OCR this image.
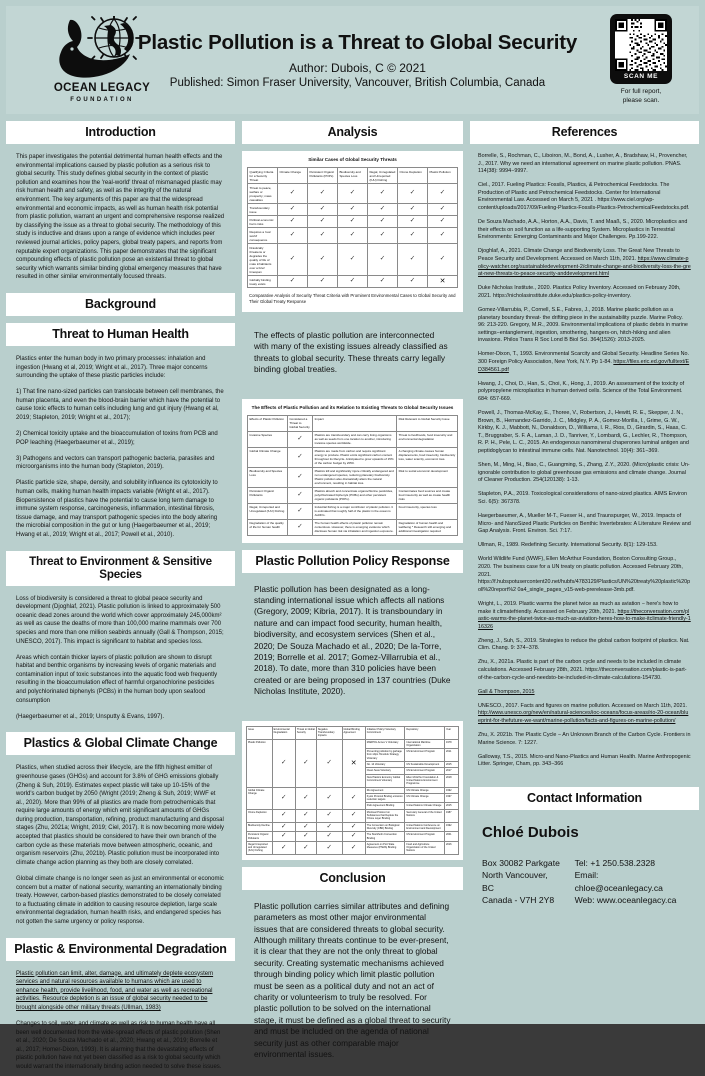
OCEAN LEGACY
FOUNDATION
Plastic Pollution is a Threat to Global Security
Author: Dubois, C © 2021
Published: Simon Fraser University, Vancouver, British Columbia, Canada
SCAN ME
For full report,
please scan.
Introduction

This paper investigates the potential detrimental human health effects and the environmental implications caused by plastic pollution as a serious risk to global security. This study defines global security in the context of plastic pollution and examines how the 'real-world' threat of mismanaged plastic may risk human health and safety, as well as the integrity of the natural environment. The key arguments of this paper are that the widespread environmental and economic impacts, as well as human health risk potential from plastic pollution, warrant an urgent and comprehensive response realized by classifying the issue as a threat to global security. The methodology of this study is inductive and draws upon a range of evidence which includes peer reviewed journal articles, policy papers, global treaty papers, and reports from reputable expert organizations. This paper demonstrates that the significant compounding effects of plastic pollution pose an existential threat to global security which warrants similar binding global emergency measures that have resulted in other similar environmentally focused threats.

Background
Threat to Human Health

Plastics enter the human body in two primary processes: inhalation and ingestion (Hwang et al, 2019; Wright et al., 2017). Three major concerns surrounding the uptake of these plastic particles include:

1) That fine nano-sized particles can translocate between cell membranes, the human placenta, and even the blood-brain barrier which have the potential to cause toxic effects to human cells including lung and gut injury (Hwang et al, 2019; Stapleton, 2019; Wright et al., 2017);

2) Chemical toxicity uptake and the bioaccumulation of toxins from PCB and POP leaching (Haegerbaeumer et al., 2019);

3) Pathogens and vectors can transport pathogenic bacteria, parasites and microorganisms into the human body (Stapleton, 2019).

Plastic particle size, shape, density, and solubility influence its cytotoxicity to human cells, making human health impacts variable (Wright et al., 2017). Biopersistence of plastics have the potential to cause long term damage to immune system response, carcinogenesis, inflammation, intestinal fibrosis, tissue damage, and may transport pathogenic species into the body altering the microbial composition in the gut or lung (Haegerbaeumer et al., 2019; Hwang et al., 2019; Wright et al., 2017; Powell et al., 2010).

Threat to Environment & Sensitive Species

Loss of biodiversity is considered a threat to global peace security and development (Djoghlaf, 2021). Plastic pollution is linked to approximately 500 oceanic dead zones around the world which cover approximately 245,000km² as well as cause the deaths of more than 100,000 marine mammals over 700 species and more than one million seabirds annually (Gall & Thompson, 2015; UNESCO, 2017). This impact is significant to habitat and species loss.

Areas which contain thicker layers of plastic pollution are shown to disrupt habitat and benthic organisms by increasing levels of organic materials and contamination input of toxic substances into the aquatic food web frequently resulting in the bioaccumulation effect of harmful organochlorine pesticides and polychlorinated biphenyls (PCBs) in the human body upon seafood consumption

(Haegerbaeumer et al., 2019; Unsputty & Evans, 1997).

Plastics & Global Climate Change

Plastics, when studied across their lifecycle, are the fifth highest emitter of greenhouse gases (GHGs) and account for 3.8% of GHG emissions globally (Zheng & Suh, 2019). Estimates expect plastic will take up 10-15% of the world's carbon budget by 2050 (Wright (2019; Zheng & Suh, 2019; WWF et al., 2020). More than 99% of all plastics are made from petrochemicals that require large amounts of energy which emit significant amounts of GHGs during production, transportation, refining, product manufacturing and disposal stages (Zhu, 2021a; Wright, 2019; Ciel, 2017). It is now becoming more widely accepted that plastics should be considered to have their own branch of the carbon cycle as these materials move between atmospheric, oceanic, and organism reservoirs (Zhu, 2021b). Plastic pollution must be incorporated into climate change action planning as they both are closely correlated.

Global climate change is no longer seen as just an environmental or economic concern but a matter of national security, warranting an internationally binding treaty. However, carbon-based plastics demonstrated to be closely correlated to a fluctuating climate in addition to causing resource depletion, large scale environmental degradation, human health risks, and endangered species has not gotten the same urgency or policy response.

Plastic & Environmental Degradation

Plastic pollution can limit, alter, damage, and ultimately deplete ecosystem services and natural resources available to humans which are used to enhance health, provide livelihood, food, and water as well as recreational activities. Resource depletion is an issue of global security needed to be brought alongside other military threats (Ullman, 1983)

Changes to soil, water, and climate as well as risk to human health have all been well documented from the wide-spread effects of plastic pollution (Shen et al., 2020; De Souza Machado et al., 2020; Hwang et al., 2019; Borrelle et al., 2017; Homer-Dixon, 1993). It is alarming that the devastating effects of plastic pollution have not yet been classified as a risk to global security which would warrant the internationally binding action needed to solve these issues.

Analysis
Similar Cases of Global Security Threats
Qualifying Criteria for a Security Threat	Climate Change	Persistent Organic Pollutants (POPs)	Biodiversity and Species Loss	Illegal, Unregulated and Unreported (IUU) Fishing	Ozone Depletion	Plastic Pollution
Threat to peace, welfare or prosperity; mass casualties	✓	✓	✓	✓	✓	✓
Transboundary issue	✓	✓	✓	✓	✓	✓
Political economic harm risks	✓	✓	✓	✓	✓	✓
Requires a 'real world' consequence	✓	✓	✓	✓	✓	✓
Drastically threatens or degrades the quality of life of male inhabitants over a brief timespan	✓	✓	✓	✓	✓	✓
Globally binding treaty exists	✓	✓	✓	✓	✓	✕
Comparative Analysis of Security Threat Criteria with Prominent Environmental Cases to Global Security and Their Global Treaty Response

The effects of plastic pollution are interconnected with many of the existing issues already classified as threats to global security. These threats carry legally binding global treaties.

The Effects of Plastic Pollution and its Relation to Existing Threats to Global Security Issues
Effects of Plastic Pollution	Considered a Threat to Global Security	Impact	Risk Relevant to Global Security Issue
Invasive Species	✓	Plastics are transboundary and can carry living organisms as well as seeds from one location to another, introducing invasive species worldwide.	Threat to livelihoods, food insecurity and environmental degradation
Global Climate Change	✓	Plastics are made from carbon and require significant energy to produce. Plastic emits significant carbon content throughout its lifecycle. Anticipated to grow upwards of 15% of the carbon budget by 2050.	A changing climate causes human displacements, food insecurity, biodiversity loss, water scarcity, economic loss.
Biodiversity and Species Loss	✓	Plastics kill and significantly injure critically endangered and non endangered species, reducing planetary biodiversity. Plastic pollution also dramatically alters the natural environment, resulting in habitat loss.	Risk to social economic development
Persistent Organic Pollutants	✓	Plastics absorb and concentrate organochlorine pesticides, polychlorinated biphenyls (PCBs) and other persistent organic pollutants (POPs).	Contaminates food sources and create food insecurity as well as create health risks
Illegal, Unreported and Unregulated (IUU) Fishing	✓	Industrial fishing is a major contributor of plastic pollution. It is estimated that roughly half of the plastic in the ocean is ALDFG.	Food insecurity, species loss
Degradation of the quality of life for human health	✓	The human health effects of plastic pollution remain contentious. However, there is emerging evidence which discloses human risk via inhalation and ingestion exposure.	Degradation of human health and wellbeing * Research still emerging and additional investigation required
Plastic Pollution Policy Response

Plastic pollution has been designated as a long-standing international issue which affects all nations (Gregory, 2009; Kibria, 2017). It is transboundary in nature and can impact food security, human health, biodiversity, and ecosystem services (Shen et al., 2020; De Souza Machado et al., 2020; De la-Torre, 2019; Borrelle et al. 2017; Gomez-Villarrubia et al., 2018). To date, more than 310 policies have been created or are being proposed in 137 countries (Duke Nicholas Institute, 2020).

Issue	Environmental Degradation	Threat to Global Security	Negative Transboundary Impacts	Global Binding Agreement	Initiative/ Policy/ Voluntary Commitment	Depository	Year
Plastic Pollution	✓	✓	✓	✕	MARPOL Annex V Voluntary	International Maritime Organization	1978
					Preventing pollution by garbage from ships Honolulu Strategy Voluntary	UN Environment Program	2011
					No. 14 Voluntary	UN Sustainable Development	2015
					Clean Seas Voluntary	UN Environment Program	2017
					New Plastics Economy Global Commitment Voluntary	Ellen McArthur Foundation & United Nations Environment Programme	2018
Global Climate Change	✓	✓	✓	✓	Rio Agreement	UN Climate Change	1992
					Kyoto Protocol Binding emission reduction targets	UN Climate Change	1997
					Paris Agreement Binding	United Nations Climate Change	2015
Ozone Depletion	✓	✓	✓	✓	Montreal Protocol on Substances that Deplete the Ozone Layer Binding	Secretary General of the United Nations	1987
Biodiversity Decline	✓	✓	✓	✓	The Convention on Biological Diversity (CBD) Binding	United Nations Conference on Environment and Development	1992
Persistent Organic Pollutants	✓	✓	✓	✓	The Stockholm Convention Binding	UN Environment Program	2001
Illegal Unreported and Unregulated (IUU) Fishing	✓	✓	✓	✓	Agreement on Port State Measures (PSMA) Binding	Food and Agriculture Organization of the United Nations	2016
Conclusion

Plastic pollution carries similar attributes and defining parameters as most other major environmental issues that are considered threats to global security. Although military threats continue to be ever-present, it is clear that they are not the only threat to global security. Creating systematic mechanisms achieved through binding policy which limit plastic pollution must be seen as a political duty and not an act of charity or volunteerism to truly be resolved. For plastic pollution to be solved on the international stage, it must be defined as a global threat to security and must be included on the agenda of national security just as other comparable major environmental issues.

References

Borrelle, S., Rochman, C., Liboiron, M., Bond, A., Lusher, A., Bradshaw, H., Provencher, J., 2017. Why we need an international agreement on marine plastic pollution. PNAS. 114(38): 9994−9997.

Ciel., 2017. Fueling Plastics: Fossils, Plastics, & Petrochemical Feedstocks. The Production of Plastic and Petrochemical Feedstocks. Center for International Environmental Law. Accessed on March 5, 2021 . https://www.ciel.org/wp-content/uploads/2017/09/Fueling-Plastics-Fossils-Plastics-PetrochemicalFeedstocks.pdf.

De Souza Machado, A.A., Horton, A.A., Davis, T. and Maaß, S., 2020. Microplastics and their effects on soil function as a life-supporting System. Microplastics in Terrestrial Environments: Emerging Contaminants and Major Challenges. Pp.199-222.

Djoghlaf, A., 2021. Climate Change and Biodiversity Loss. The Great New Threats to Peace Security and Development. Accessed on March 11th, 2021. https://www.climate-policy-watcher.org/sustainabledevelopment-2/climate-change-and-biodiversity-loss-the-great-new-threats-to-peace-security-anddevelopment.html

Duke Nicholas Institute., 2020. Plastics Policy Inventory. Accessed on February 20th, 2021. https://nicholasinstitute.duke.edu/plastics-policy-inventory.

Gomez-Villarrubia, P., Cornell, S.E., Fabres, J., 2018. Marine plastic pollution as a planetary boundary threat- the drifting piece in the sustainability puzzle. Marine Policy. 96: 213-220. Gregory, M.R., 2009. Environmental implications of plastic debris in marine settings−entanglement, ingestion, smothering, hangers-on, hitch-hiking and alien invasions. Philos Trans R Soc Lond B Biol Sci. 364(1526): 2013-2025.

Homer-Dixon, T., 1993. Environmental Scarcity and Global Security. Headline Series No. 300 Foreign Policy Association, New York, N.Y. Pp 1-84. https://files.eric.ed.gov/fulltext/ED384561.pdf

Hwang, J., Choi, D., Han, S., Choi, K., Hong, J., 2019. An assessment of the toxicity of polypropylene microplastics in human derived cells. Science of the Total Environment. 684: 657-669.

Powell, J., Thomas-McKay, E., Thoree, V., Robertson, J., Hewitt, R. E., Skepper, J. N., Brown, B., Hernandez-Garrido, J. C., Midgley, P. A., Gomez-Morilla, I., Grime, G. W., Kirkby, K. J., Mabbott, N., Donaldson, D., Williams, I. R., Rios, D., Girardin, S., Haas, C. T., Bruggraber, S. F. A., Laman, J. D., Tanriver, Y., Lombardi, G., Lechler, R., Thompson, R. P. H., Pele, L. C., 2015. An endogenous nanomineral chaperones luminal antigen and peptidoglycan to intestinal immune cells. Nat. Nanotechnol. 10(4): 361−369.

Shen, M., Ming, H., Biao, C., Guangming, S., Zhang, Z.Y., 2020. (Micro)plastic crisis: Un-ignorable contribution to global greenhouse gas emissions and climate change. Journal of Cleaner Production. 254(120138): 1-13.

Stapleton, P.A., 2019. Toxicological considerations of nano-sized plastics. AIMS Environ Sci. 6(5): 367378.

Haegerbaeumer, A., Mueller M-T., Fueser H., and Traunspurger, W., 2019. Impacts of Micro- and NanoSized Plastic Particles on Benthic Invertebrates: A Literature Review and Gap Analysis. Front. Environ. Sci. 7:17.

Ullman, R., 1989. Redefining Security. International Security. 8(1): 129-153.

World Wildlife Fund (WWF), Ellen McArthur Foundation, Boston Consulting Group., 2020. The business case for a UN treaty on plastic pollution. Accessed February 20th, 2021. https://f.hubspotusercontent20.net/hubfs/4783129/Plastics/UN%20treaty%20plastic%20poll%20report%2 0a4_single_pages_v15-web-prerelease-3mb.pdf.

Wright, L., 2019. Plastic warms the planet twice as much as aviation − here's how to make it climatefriendly. Accessed on February 20th, 2021. https://theconversation.com/plastic-warms-the-planet-twice-as-much-as-aviation-heres-how-to-make-itclimate-friendly-116326

Zheng, J., Suh, S., 2019. Strategies to reduce the global carbon footprint of plastics. Nat. Clim. Chang. 9: 374−378.

Zhu, X., 2021a. Plastic is part of the carbon cycle and needs to be included in climate calculations. Accessed February 28th, 2021. https://theconversation.com/plastic-is-part-of-the-carbon-cycle-and-needsto-be-included-in-climate-calculations-154730.

Gall & Thompson, 2015

UNESCO., 2017. Facts and figures on marine pollution. Accessed on March 11th, 2021. http://www.unesco.org/new/en/natural-sciences/ioc-oceans/focus-areas/rio-20-ocean/blueprint-for-thefuture-we-want/marine-pollution/facts-and-figures-on-marine-pollution/

Zhu, X. 2021b. The Plastic Cycle − An Unknown Branch of the Carbon Cycle. Frontiers in Marine Science. 7: 1227.

Galloway, T.S., 2015. Micro-and Nano-Plastics and Human Health. Marine Anthropogenic Litter. Springer, Cham, pp. 343−366

Contact Information
Chloé Dubois
Box 30082 Parkgate
North Vancouver, BC
Canada - V7H 2Y8
Tel: +1 250.538.2328
Email: chloe@oceanlegacy.ca
Web: www.oceanlegacy.ca
